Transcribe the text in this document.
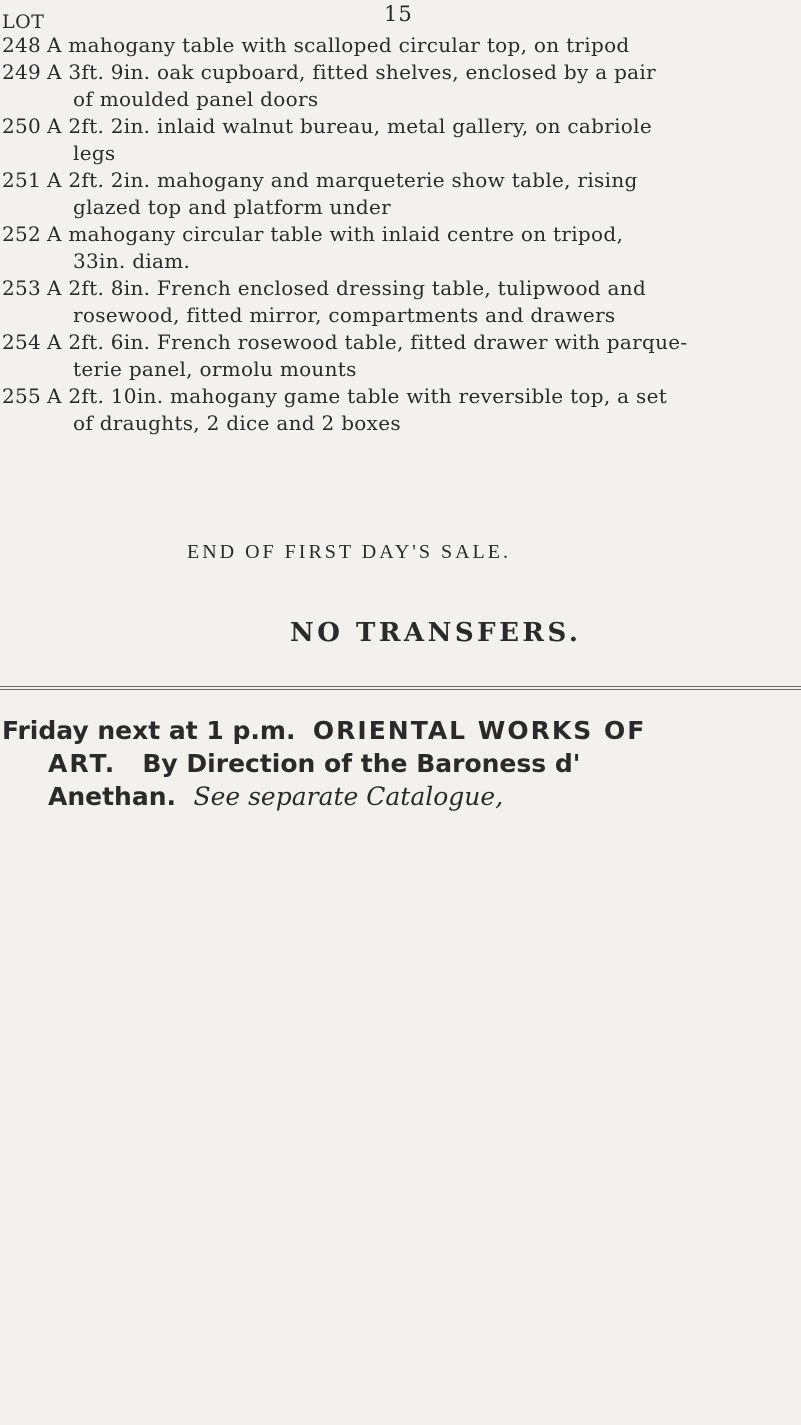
15
LOT
248 A mahogany table with scalloped circular top, on tripod
249 A 3ft. 9in. oak cupboard, fitted shelves, enclosed by a pair
of moulded panel doors
250 A 2ft. 2in. inlaid walnut bureau, metal gallery, on cabriole
legs
251 A 2ft. 2in. mahogany and marqueterie show table, rising
glazed top and platform under
252 A mahogany circular table with inlaid centre on tripod,
33in. diam.
253 A 2ft. 8in. French enclosed dressing table, tulipwood and
rosewood, fitted mirror, compartments and drawers
254 A 2ft. 6in. French rosewood table, fitted drawer with parque-
terie panel, ormolu mounts
255 A 2ft. 10in. mahogany game table with reversible top, a set
of draughts, 2 dice and 2 boxes
END OF FIRST DAY'S SALE.
NO TRANSFERS.
Friday next at 1 p.m. ORIENTAL WORKS OF
ART. By Direction of the Baroness d'
Anethan. See separate Catalogue,
